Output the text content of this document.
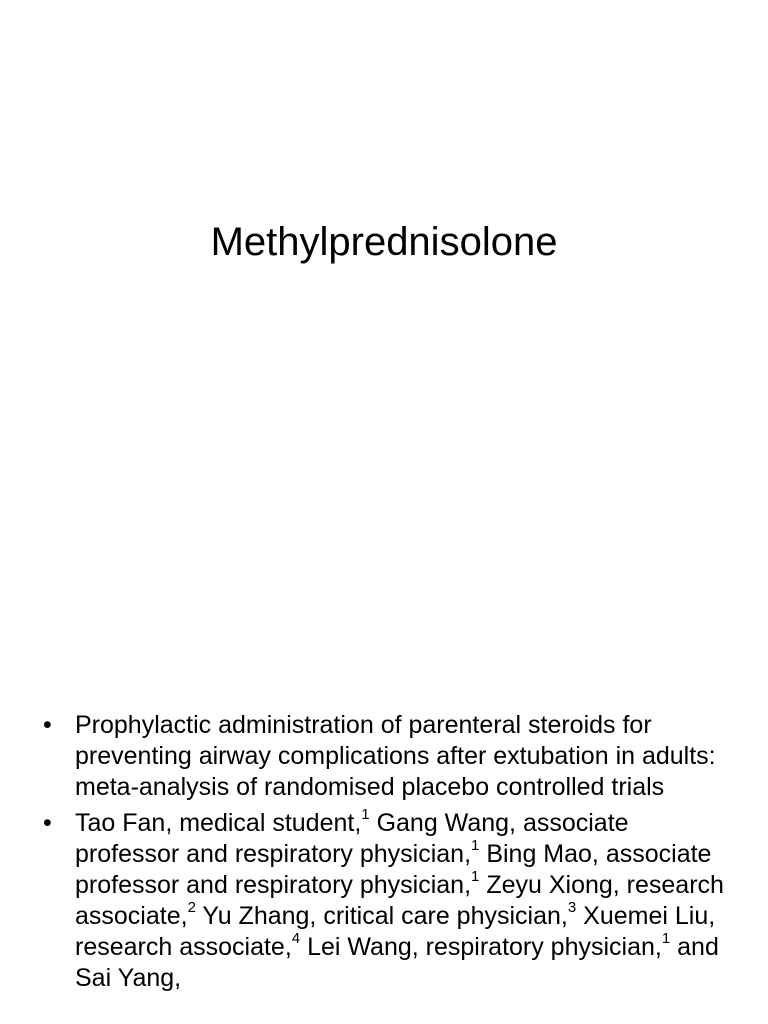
Methylprednisolone
• Prophylactic administration of parenteral steroids for preventing airway complications after extubation in adults: meta-analysis of randomised placebo controlled trials
• Tao Fan, medical student,$^1$ Gang Wang, associate professor and respiratory physician,$^1$ Bing Mao, associate professor and respiratory physician,$^1$ Zeyu Xiong, research associate,$^2$ Yu Zhang, critical care physician,$^3$ Xuemei Liu, research associate,$^4$ Lei Wang, respiratory physician,$^1$ and Sai Yang,
